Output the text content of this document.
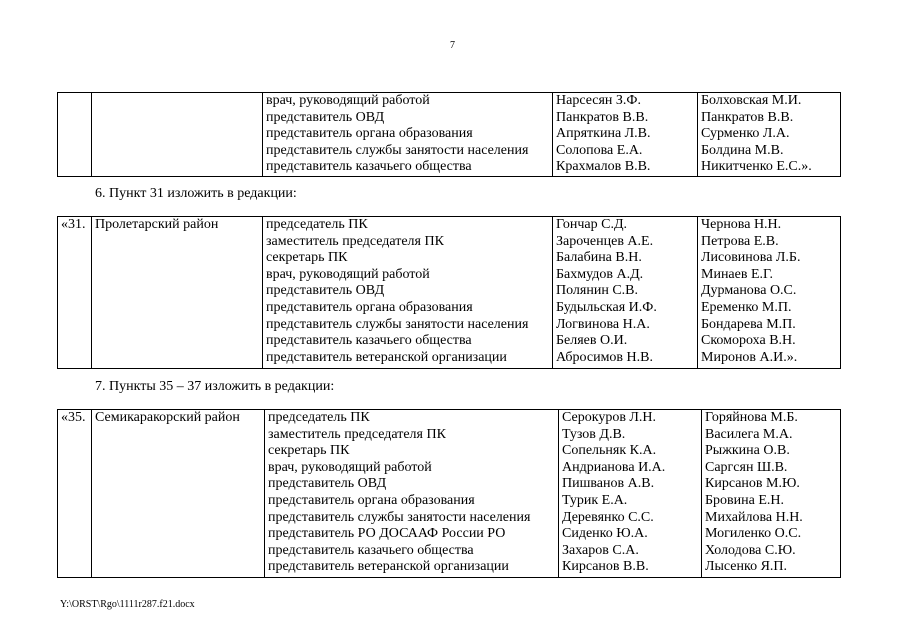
7
врач, руководящий работой
представитель ОВД
представитель органа образования
представитель службы занятости населения
представитель казачьего общества
Нарсесян З.Ф.
Панкратов В.В.
Апряткина Л.В.
Солопова Е.А.
Крахмалов В.В.
Болховская М.И.
Панкратов В.В.
Сурменко Л.А.
Болдина М.В.
Никитченко Е.С.».
6. Пункт 31 изложить в редакции:
«31. Пролетарский район	председатель ПК
заместитель председателя ПК
секретарь ПК
врач, руководящий работой
представитель ОВД
представитель органа образования
представитель службы занятости населения
представитель казачьего общества
представитель ветеранской организации
Гончар С.Д.
Зароченцев А.Е.
Балабина В.Н.
Бахмудов А.Д.
Полянин С.В.
Будыльская И.Ф.
Логвинова Н.А.
Беляев О.И.
Абросимов Н.В.
Чернова Н.Н.
Петрова Е.В.
Лисовинова Л.Б.
Минаев Е.Г.
Дурманова О.С.
Еременко М.П.
Бондарева М.П.
Скомороха В.Н.
Миронов А.И.».
7. Пункты 35 – 37 изложить в редакции:
«35. Семикаракорский район	председатель ПК
заместитель председателя ПК
секретарь ПК
врач, руководящий работой
представитель ОВД
представитель органа образования
представитель службы занятости населения
представитель РО ДОСААФ России РО
представитель казачьего общества
представитель ветеранской организации
Серокуров Л.Н.
Тузов Д.В.
Сопельняк К.А.
Андрианова И.А.
Пишванов А.В.
Турик Е.А.
Деревянко С.С.
Сиденко Ю.А.
Захаров С.А.
Кирсанов В.В.
Горяйнова М.Б.
Василега М.А.
Рыжкина О.В.
Саргсян Ш.В.
Кирсанов М.Ю.
Бровина Е.Н.
Михайлова Н.Н.
Могиленко О.С.
Холодова С.Ю.
Лысенко Я.П.
Y:\ORST\Rgo\1111r287.f21.docx
